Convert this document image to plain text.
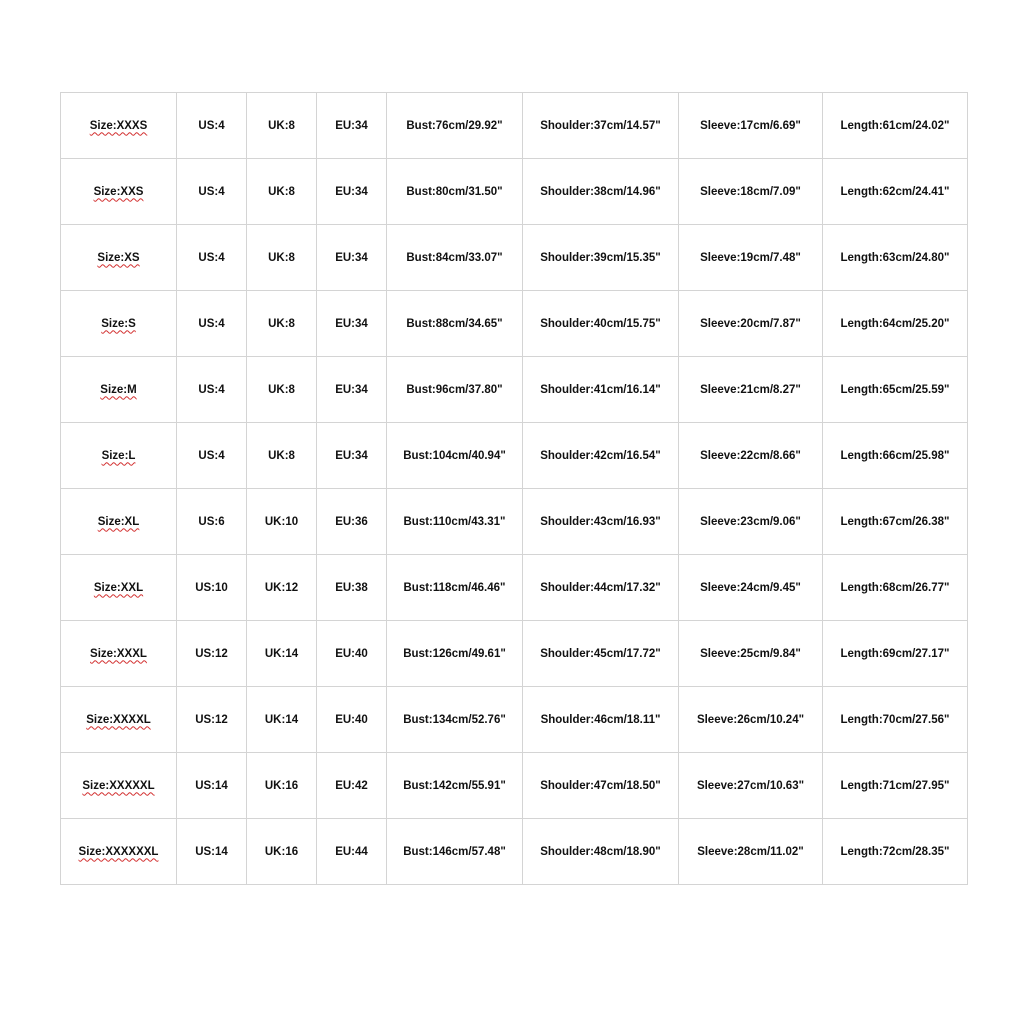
Size:XXXS	US:4	UK:8	EU:34	Bust:76cm/29.92"	Shoulder:37cm/14.57"	Sleeve:17cm/6.69"	Length:61cm/24.02"
Size:XXS	US:4	UK:8	EU:34	Bust:80cm/31.50"	Shoulder:38cm/14.96"	Sleeve:18cm/7.09"	Length:62cm/24.41"
Size:XS	US:4	UK:8	EU:34	Bust:84cm/33.07"	Shoulder:39cm/15.35"	Sleeve:19cm/7.48"	Length:63cm/24.80"
Size:S	US:4	UK:8	EU:34	Bust:88cm/34.65"	Shoulder:40cm/15.75"	Sleeve:20cm/7.87"	Length:64cm/25.20"
Size:M	US:4	UK:8	EU:34	Bust:96cm/37.80"	Shoulder:41cm/16.14"	Sleeve:21cm/8.27"	Length:65cm/25.59"
Size:L	US:4	UK:8	EU:34	Bust:104cm/40.94"	Shoulder:42cm/16.54"	Sleeve:22cm/8.66"	Length:66cm/25.98"
Size:XL	US:6	UK:10	EU:36	Bust:110cm/43.31"	Shoulder:43cm/16.93"	Sleeve:23cm/9.06"	Length:67cm/26.38"
Size:XXL	US:10	UK:12	EU:38	Bust:118cm/46.46"	Shoulder:44cm/17.32"	Sleeve:24cm/9.45"	Length:68cm/26.77"
Size:XXXL	US:12	UK:14	EU:40	Bust:126cm/49.61"	Shoulder:45cm/17.72"	Sleeve:25cm/9.84"	Length:69cm/27.17"
Size:XXXXL	US:12	UK:14	EU:40	Bust:134cm/52.76"	Shoulder:46cm/18.11"	Sleeve:26cm/10.24"	Length:70cm/27.56"
Size:XXXXXL	US:14	UK:16	EU:42	Bust:142cm/55.91"	Shoulder:47cm/18.50"	Sleeve:27cm/10.63"	Length:71cm/27.95"
Size:XXXXXXL	US:14	UK:16	EU:44	Bust:146cm/57.48"	Shoulder:48cm/18.90"	Sleeve:28cm/11.02"	Length:72cm/28.35"
